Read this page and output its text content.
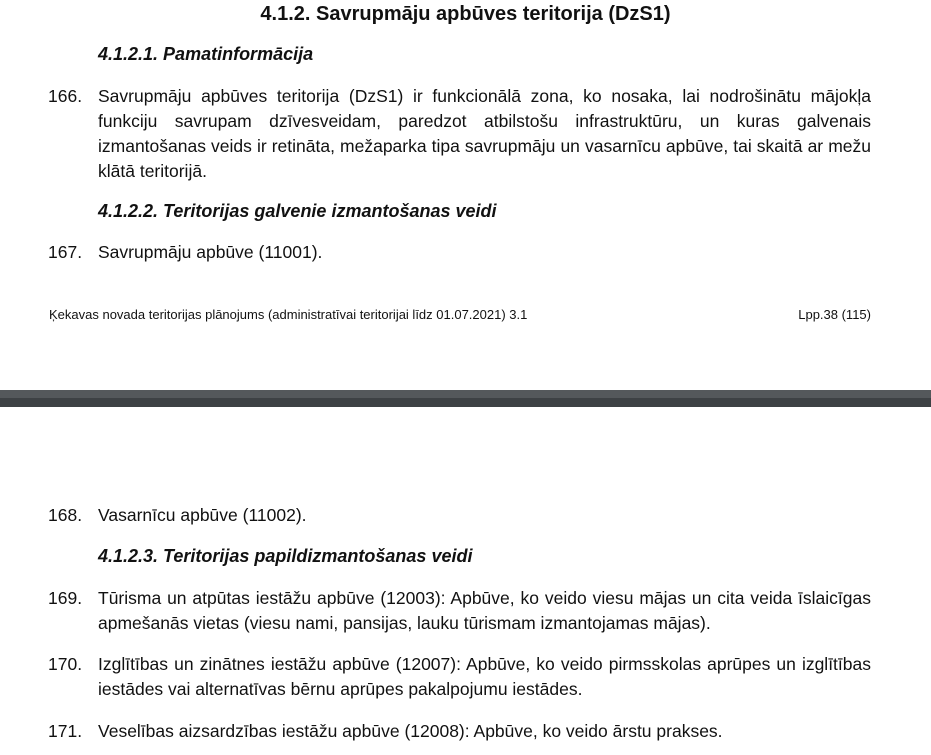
4.1.2. Savrupmāju apbūves teritorija (DzS1)
4.1.2.1. Pamatinformācija
166. Savrupmāju apbūves teritorija (DzS1) ir funkcionālā zona, ko nosaka, lai nodrošinātu mājokļa funkciju savrupam dzīvesveidam, paredzot atbilstošu infrastruktūru, un kuras galvenais izmantošanas veids ir retināta, mežaparka tipa savrupmāju un vasarnīcu apbūve, tai skaitā ar mežu klātā teritorijā.
4.1.2.2. Teritorijas galvenie izmantošanas veidi
167. Savrupmāju apbūve (11001).

Ķekavas novada teritorijas plānojums (administratīvai teritorijai līdz 01.07.2021) 3.1	Lpp.38 (115)

168. Vasarnīcu apbūve (11002).
4.1.2.3. Teritorijas papildizmantošanas veidi
169. Tūrisma un atpūtas iestāžu apbūve (12003): Apbūve, ko veido viesu mājas un cita veida īslaicīgas apmešanās vietas (viesu nami, pansijas, lauku tūrismam izmantojamas mājas).
170. Izglītības un zinātnes iestāžu apbūve (12007): Apbūve, ko veido pirmsskolas aprūpes un izglītības iestādes vai alternatīvas bērnu aprūpes pakalpojumu iestādes.
171. Veselības aizsardzības iestāžu apbūve (12008): Apbūve, ko veido ārstu prakses.
